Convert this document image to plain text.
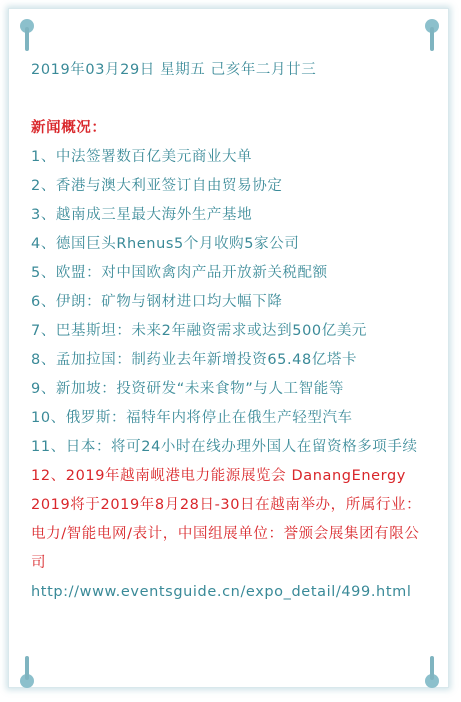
2019年03月29日 星期五 己亥年二月廿三
新闻概况：

1、中法签署数百亿美元商业大单

2、香港与澳大利亚签订自由贸易协定

3、越南成三星最大海外生产基地

4、德国巨头Rhenus5个月收购5家公司

5、欧盟：对中国欧禽肉产品开放新关税配额

6、伊朗：矿物与钢材进口均大幅下降

7、巴基斯坦：未来2年融资需求或达到500亿美元

8、孟加拉国：制药业去年新增投资65.48亿塔卡

9、新加坡：投资研发“未来食物”与人工智能等

10、俄罗斯：福特年内将停止在俄生产轻型汽车

11、日本：将可24小时在线办理外国人在留资格多项手续

12、2019年越南岘港电力能源展览会 DanangEnergy 2019将于2019年8月28日-30日在越南举办，所属行业：电力/智能电网/表计，中国组展单位：誉颁会展集团有限公司http://www.eventsguide.cn/expo_detail/499.html
